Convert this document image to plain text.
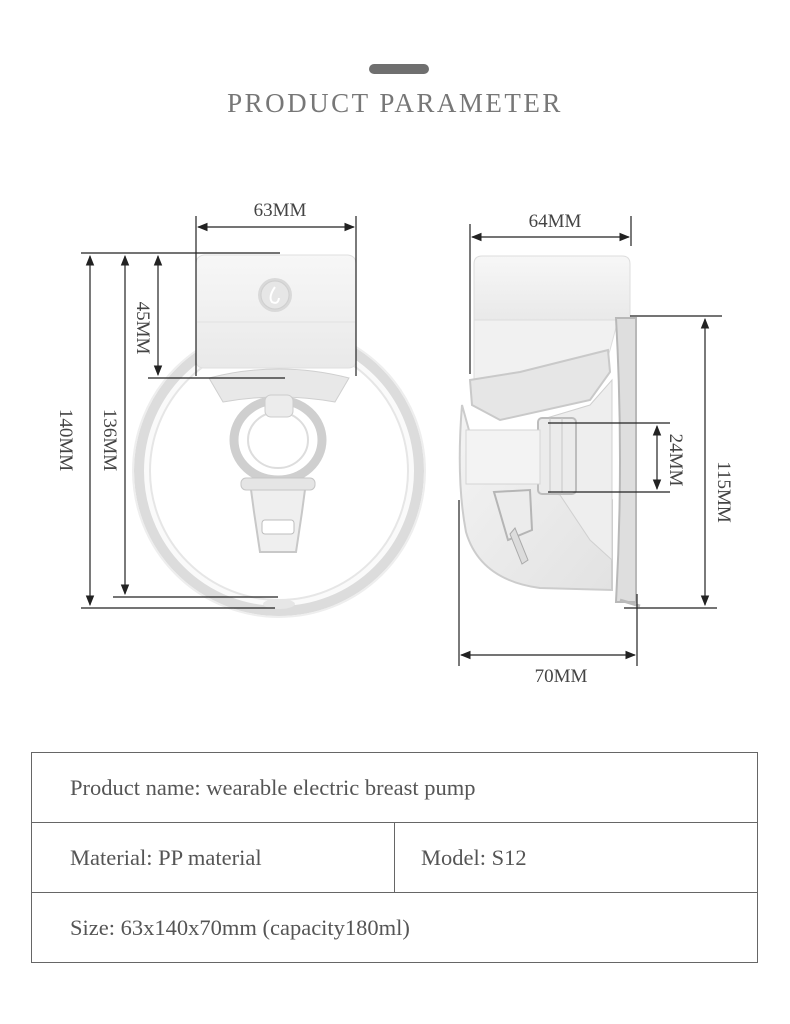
PRODUCT PARAMETER
63MM
45MM
136MM
140MM
64MM
115MM
24MM
70MM
Product name: wearable electric breast pump
Material: PP material	Model: S12
Size: 63x140x70mm (capacity180ml)
